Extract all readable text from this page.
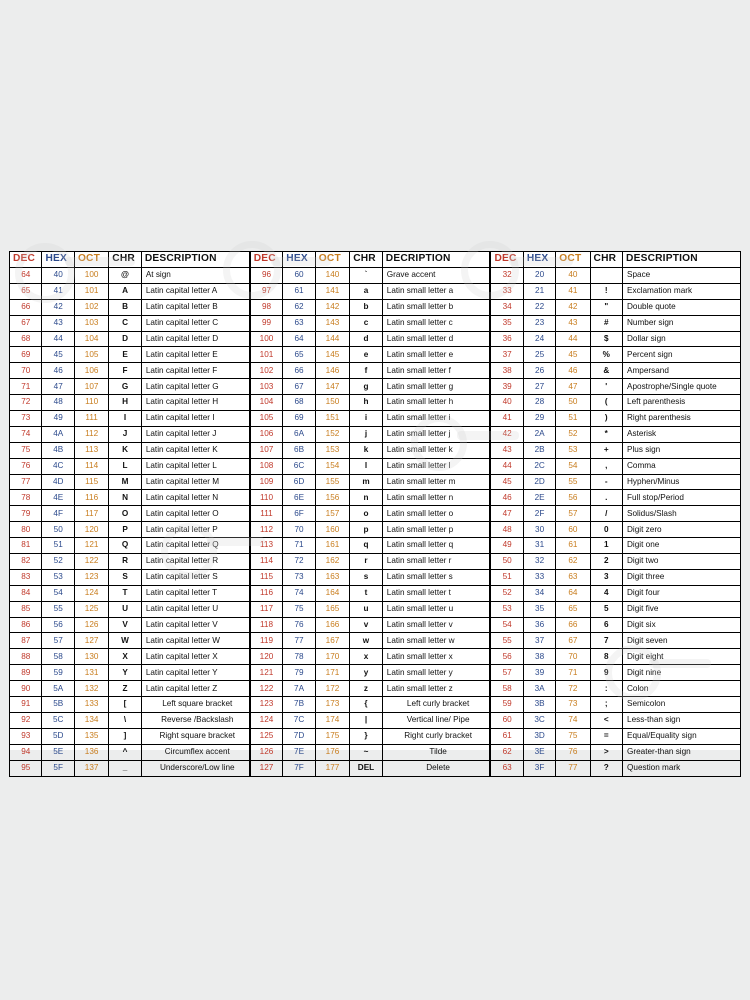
DEC	HEX	OCT	CHR	DESCRIPTION
64	40	100	@	At sign
65	41	101	A	Latin capital letter A
66	42	102	B	Latin capital letter B
67	43	103	C	Latin capital letter C
68	44	104	D	Latin capital letter D
69	45	105	E	Latin capital letter E
70	46	106	F	Latin capital letter F
71	47	107	G	Latin capital letter G
72	48	110	H	Latin capital letter H
73	49	111	I	Latin capital letter I
74	4A	112	J	Latin capital letter J
75	4B	113	K	Latin capital letter K
76	4C	114	L	Latin capital letter L
77	4D	115	M	Latin capital letter M
78	4E	116	N	Latin capital letter N
79	4F	117	O	Latin capital letter O
80	50	120	P	Latin capital letter P
81	51	121	Q	Latin capital letter Q
82	52	122	R	Latin capital letter R
83	53	123	S	Latin capital letter S
84	54	124	T	Latin capital letter T
85	55	125	U	Latin capital letter U
86	56	126	V	Latin capital letter V
87	57	127	W	Latin capital letter W
88	58	130	X	Latin capital letter X
89	59	131	Y	Latin capital letter Y
90	5A	132	Z	Latin capital letter Z
91	5B	133	[	Left square bracket
92	5C	134	\	Reverse /Backslash
93	5D	135	]	Right square bracket
94	5E	136	^	Circumflex accent
95	5F	137	_	Underscore/Low line
DEC	HEX	OCT	CHR	DECRIPTION
96	60	140	`	Grave accent
97	61	141	a	Latin small letter a
98	62	142	b	Latin small letter b
99	63	143	c	Latin small letter c
100	64	144	d	Latin small letter d
101	65	145	e	Latin small letter e
102	66	146	f	Latin small letter f
103	67	147	g	Latin small letter g
104	68	150	h	Latin small letter h
105	69	151	i	Latin small letter i
106	6A	152	j	Latin small letter j
107	6B	153	k	Latin small letter k
108	6C	154	l	Latin small letter l
109	6D	155	m	Latin small letter m
110	6E	156	n	Latin small letter n
111	6F	157	o	Latin small letter o
112	70	160	p	Latin small letter p
113	71	161	q	Latin small letter q
114	72	162	r	Latin small letter r
115	73	163	s	Latin small letter s
116	74	164	t	Latin small letter t
117	75	165	u	Latin small letter u
118	76	166	v	Latin small letter v
119	77	167	w	Latin small letter w
120	78	170	x	Latin small letter x
121	79	171	y	Latin small letter y
122	7A	172	z	Latin small letter z
123	7B	173	{	Left curly bracket
124	7C	174	|	Vertical line/ Pipe
125	7D	175	}	Right curly bracket
126	7E	176	~	Tilde
127	7F	177	DEL	Delete
DEC	HEX	OCT	CHR	DESCRIPTION
32	20	40		Space
33	21	41	!	Exclamation mark
34	22	42	"	Double quote
35	23	43	#	Number sign
36	24	44	$	Dollar sign
37	25	45	%	Percent sign
38	26	46	&	Ampersand
39	27	47	'	Apostrophe/Single quote
40	28	50	(	Left parenthesis
41	29	51	)	Right parenthesis
42	2A	52	*	Asterisk
43	2B	53	+	Plus sign
44	2C	54	,	Comma
45	2D	55	-	Hyphen/Minus
46	2E	56	.	Full stop/Period
47	2F	57	/	Solidus/Slash
48	30	60	0	Digit zero
49	31	61	1	Digit one
50	32	62	2	Digit two
51	33	63	3	Digit three
52	34	64	4	Digit four
53	35	65	5	Digit five
54	36	66	6	Digit six
55	37	67	7	Digit seven
56	38	70	8	Digit eight
57	39	71	9	Digit nine
58	3A	72	:	Colon
59	3B	73	;	Semicolon
60	3C	74	<	Less-than sign
61	3D	75	=	Equal/Equality sign
62	3E	76	>	Greater-than sign
63	3F	77	?	Question mark
